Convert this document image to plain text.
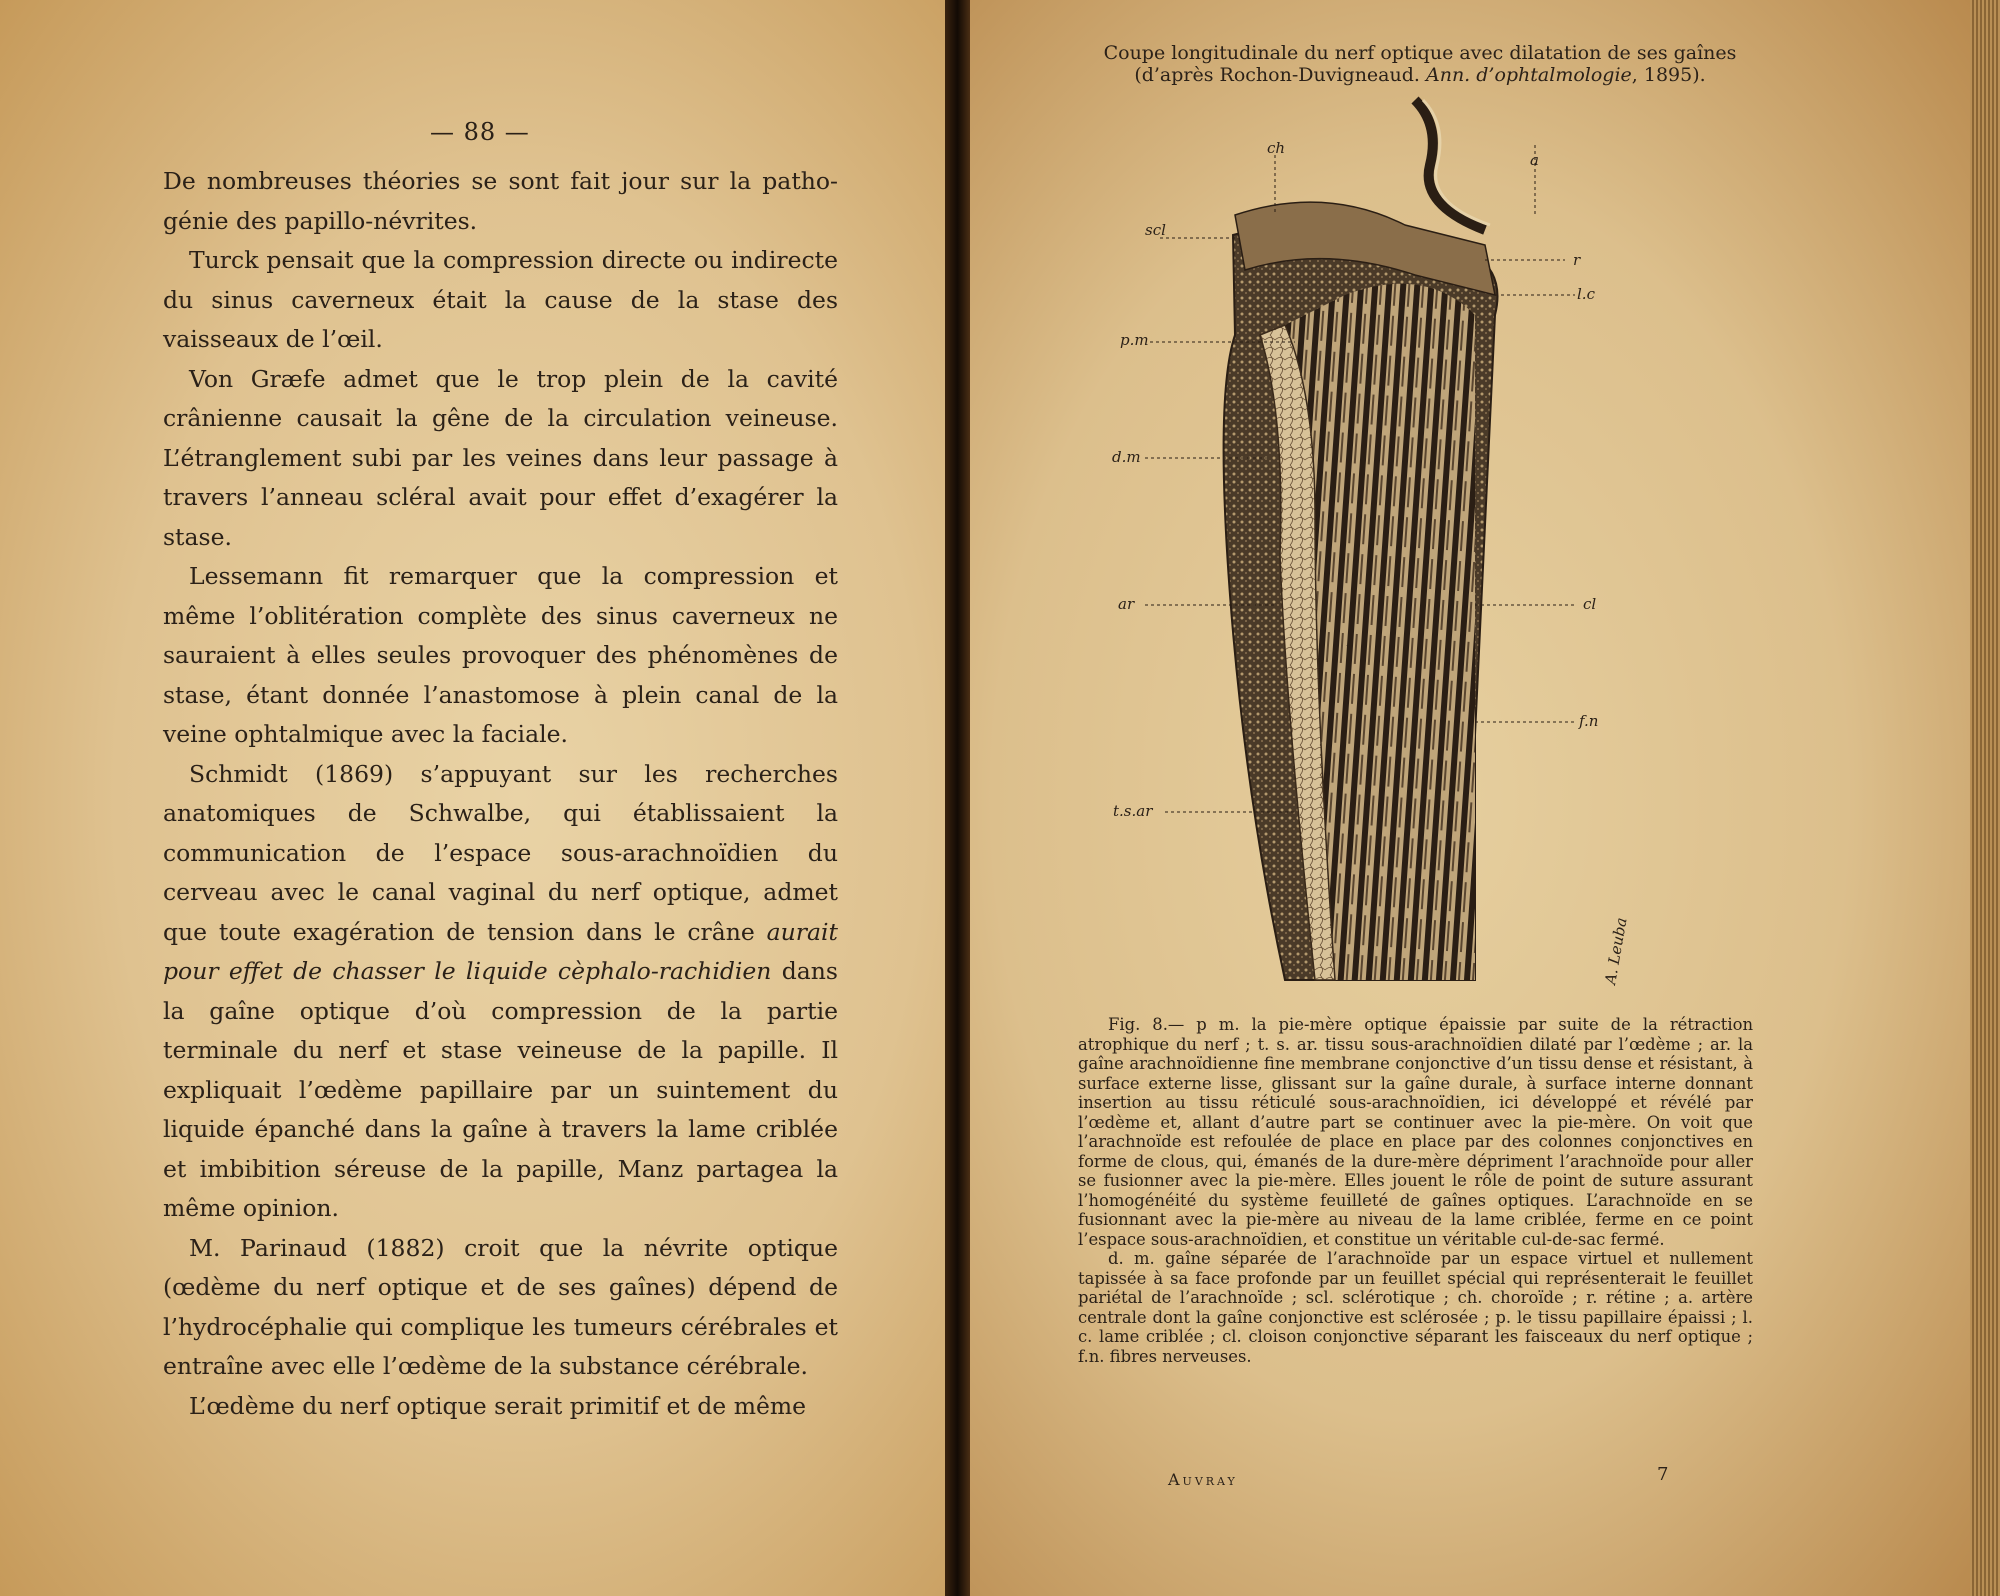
— 88 —

De nombreuses théories se sont fait jour sur la patho-génie des papillo-névrites.

Turck pensait que la compression directe ou indirecte du sinus caverneux était la cause de la stase des vaisseaux de l’œil.

Von Græfe admet que le trop plein de la cavité crânienne causait la gêne de la circulation veineuse. L’étranglement subi par les veines dans leur passage à travers l’anneau scléral avait pour effet d’exagérer la stase.

Lessemann fit remarquer que la compression et même l’oblitération complète des sinus caverneux ne sauraient à elles seules provoquer des phénomènes de stase, étant donnée l’anastomose à plein canal de la veine ophtalmique avec la faciale.

Schmidt (1869) s’appuyant sur les recherches anatomiques de Schwalbe, qui établissaient la communication de l’espace sous-arachnoïdien du cerveau avec le canal vaginal du nerf optique, admet que toute exagération de tension dans le crâne aurait pour effet de chasser le liquide cèphalo-rachidien dans la gaîne optique d’où compression de la partie terminale du nerf et stase veineuse de la papille. Il expliquait l’œdème papillaire par un suintement du liquide épanché dans la gaîne à travers la lame criblée et imbibition séreuse de la papille, Manz partagea la même opinion.

M. Parinaud (1882) croit que la névrite optique (œdème du nerf optique et de ses gaînes) dépend de l’hydrocéphalie qui complique les tumeurs cérébrales et entraîne avec elle l’œdème de la substance cérébrale.

L’œdème du nerf optique serait primitif et de même

Coupe longitudinale du nerf optique avec dilatation de ses gaînes
(d’après Rochon-Duvigneaud. Ann. d’ophtalmologie, 1895).
scl
ch
a
r
l.c
p.m
d.m
ar	cl
f.n
t.s.ar
A. Leuba

Fig. 8.— p m. la pie-mère optique épaissie par suite de la rétraction atrophique du nerf ; t. s. ar. tissu sous-arachnoïdien dilaté par l’œdème ; ar. la gaîne arachnoïdienne fine membrane conjonctive d’un tissu dense et résistant, à surface externe lisse, glissant sur la gaîne durale, à surface interne donnant insertion au tissu réticulé sous-arachnoïdien, ici développé et révélé par l’œdème et, allant d’autre part se continuer avec la pie-mère. On voit que l’arachnoïde est refoulée de place en place par des colonnes conjonctives en forme de clous, qui, émanés de la dure-mère dépriment l’arachnoïde pour aller se fusionner avec la pie-mère. Elles jouent le rôle de point de suture assurant l’homogénéité du système feuilleté de gaînes optiques. L’arachnoïde en se fusionnant avec la pie-mère au niveau de la lame criblée, ferme en ce point l’espace sous-arachnoïdien, et constitue un véritable cul-de-sac fermé.

d. m. gaîne séparée de l’arachnoïde par un espace virtuel et nullement tapissée à sa face profonde par un feuillet spécial qui représenterait le feuillet pariétal de l’arachnoïde ; scl. sclérotique ; ch. choroïde ; r. rétine ; a. artère centrale dont la gaîne conjonctive est sclérosée ; p. le tissu papillaire épaissi ; l. c. lame criblée ; cl. cloison conjonctive séparant les faisceaux du nerf optique ; f.n. fibres nerveuses.

Auvray	7
